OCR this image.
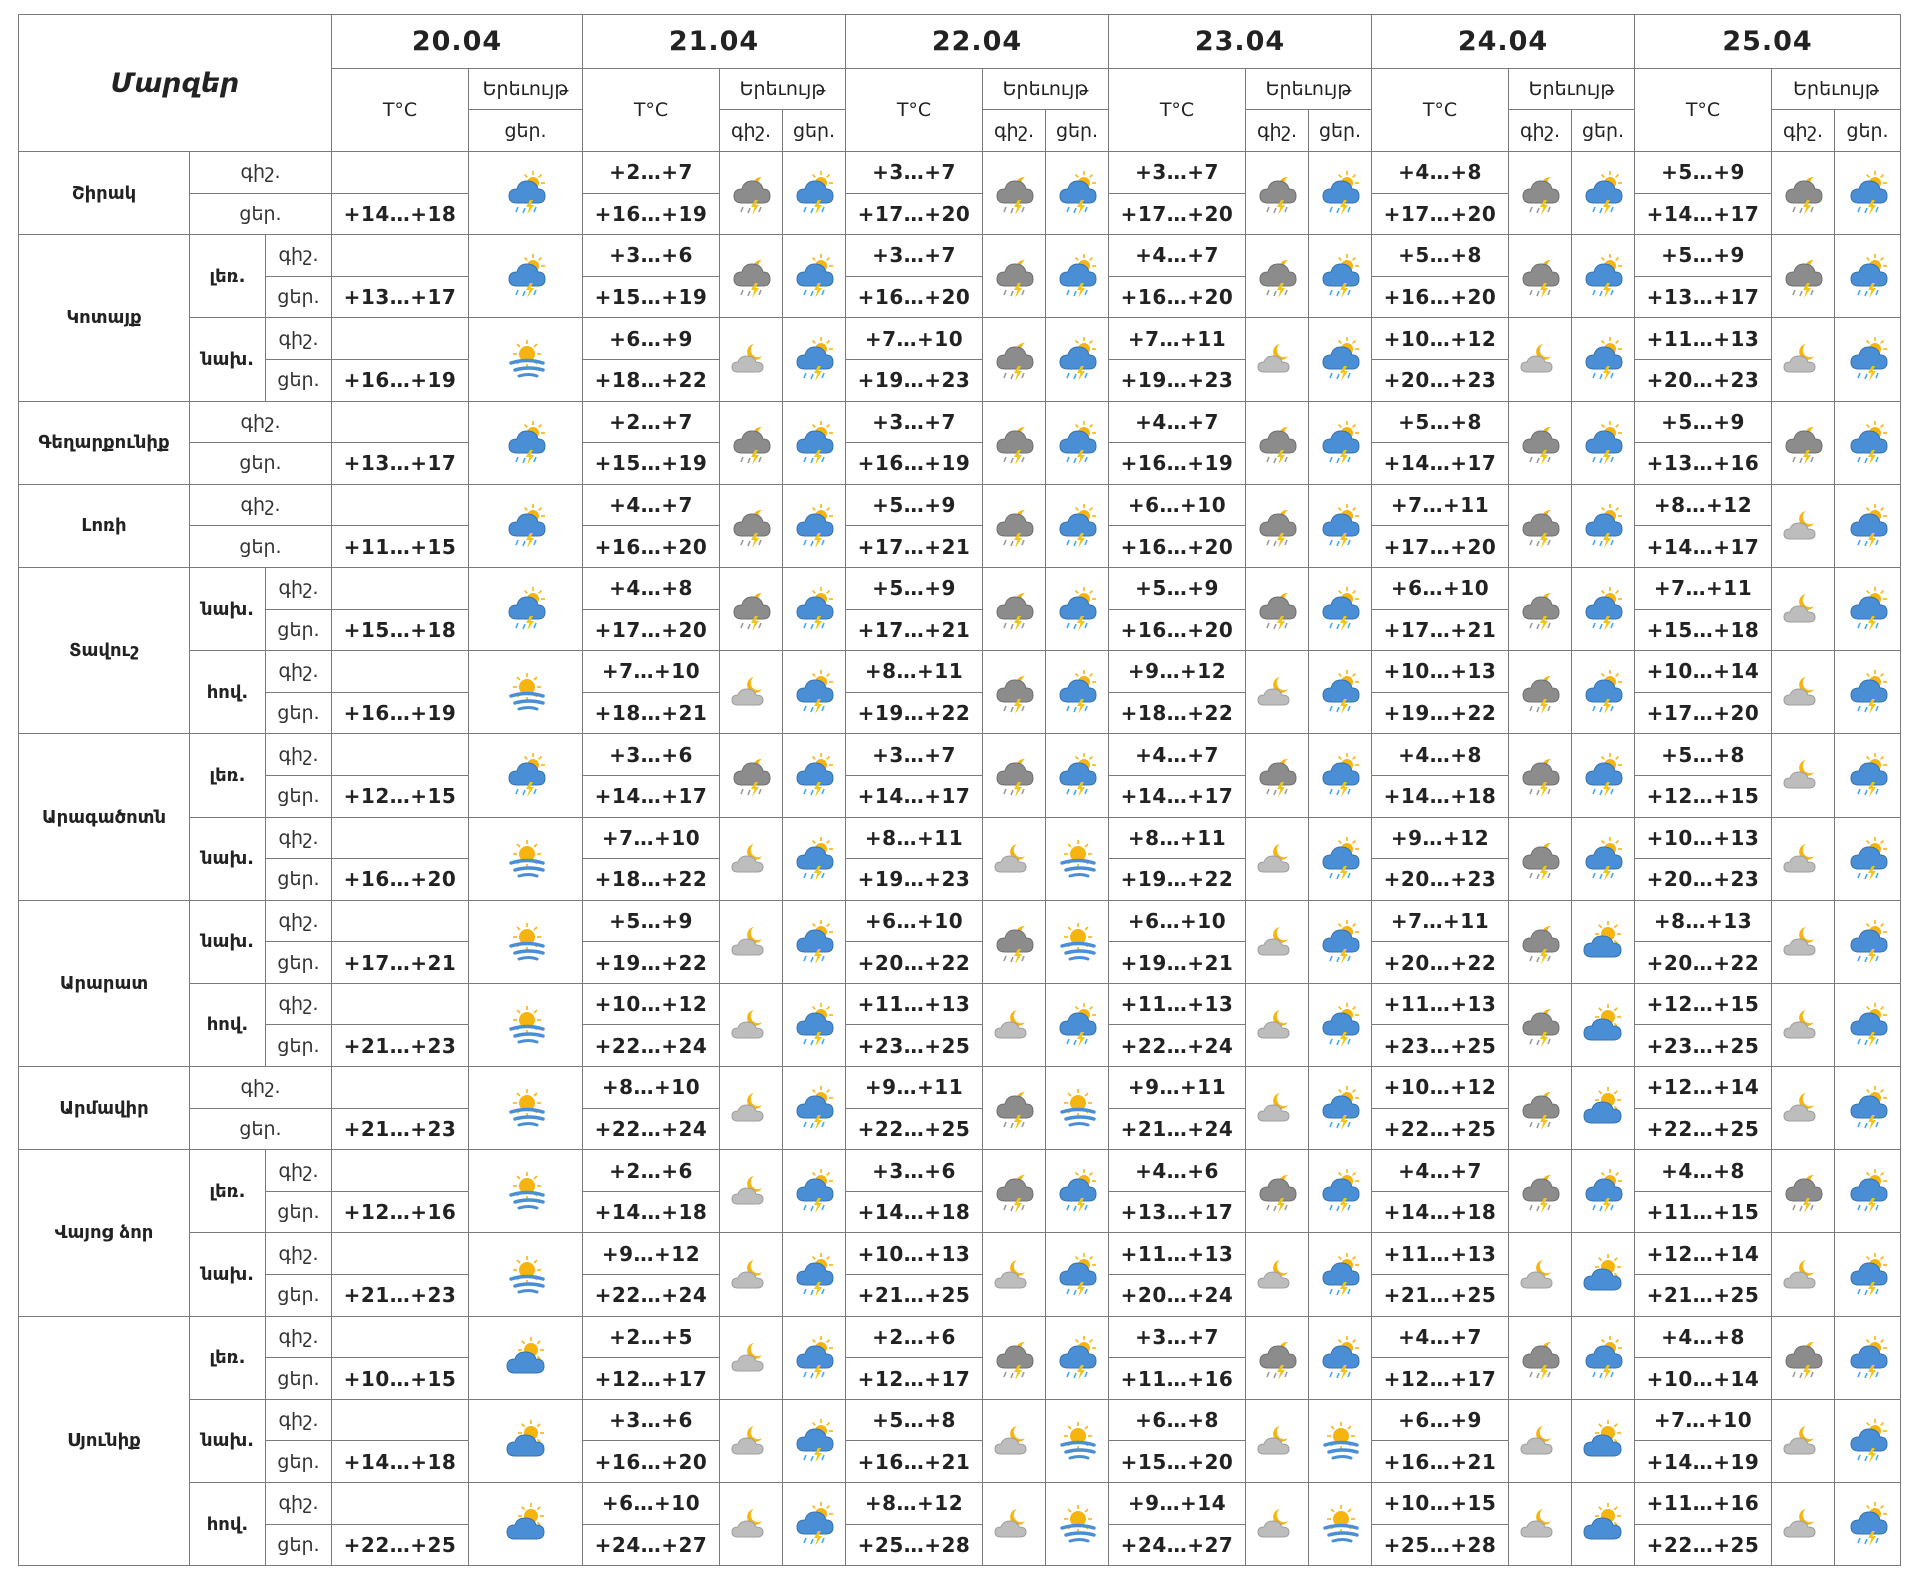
Մարզեր			20.04		21.04			22.04			23.04			24.04			25.04		
			T°C	Երեւույթ	T°C	Երեւույթ		T°C	Երեւույթ		T°C	Երեւույթ		T°C	Երեւույթ		T°C	Երեւույթ	
				ցեր.		գիշ.	ցեր.		գիշ.	ցեր.		գիշ.	ցեր.		գիշ.	ցեր.		գիշ.	ցեր.
Շիրակ	գիշ.				+2…+7			+3…+7			+3…+7			+4…+8			+5…+9	

	ցեր.		+14…+18		+16…+19			+17…+20			+17…+20			+17…+20			+14…+17		
Կոտայք	լեռ.	գիշ.			+3…+6			+3…+7			+4…+7			+5…+8			+5…+9	

		ցեր.	+13…+17		+15…+19			+16…+20			+16…+20			+16…+20			+13…+17		
	նախ.	գիշ.			+6…+9			+7…+10			+7…+11			+10…+12			+11…+13	

		ցեր.	+16…+19		+18…+22			+19…+23			+19…+23			+20…+23			+20…+23		
Գեղարքունիք	գիշ.				+2…+7			+3…+7			+4…+7			+5…+8			+5…+9	

	ցեր.		+13…+17		+15…+19			+16…+19			+16…+19			+14…+17			+13…+16		
Լոռի	գիշ.				+4…+7			+5…+9			+6…+10			+7…+11			+8…+12	

	ցեր.		+11…+15		+16…+20			+17…+21			+16…+20			+17…+20			+14…+17		
Տավուշ	նախ.	գիշ.			+4…+8			+5…+9			+5…+9			+6…+10			+7…+11	

		ցեր.	+15…+18		+17…+20			+17…+21			+16…+20			+17…+21			+15…+18		
	հով.	գիշ.			+7…+10			+8…+11			+9…+12			+10…+13			+10…+14	

		ցեր.	+16…+19		+18…+21			+19…+22			+18…+22			+19…+22			+17…+20		
Արագածոտն	լեռ.	գիշ.			+3…+6			+3…+7			+4…+7			+4…+8			+5…+8	

		ցեր.	+12…+15		+14…+17			+14…+17			+14…+17			+14…+18			+12…+15		
	նախ.	գիշ.			+7…+10			+8…+11			+8…+11			+9…+12			+10…+13	

		ցեր.	+16…+20		+18…+22			+19…+23			+19…+22			+20…+23			+20…+23		
Արարատ	նախ.	գիշ.			+5…+9			+6…+10			+6…+10			+7…+11			+8…+13	

		ցեր.	+17…+21		+19…+22			+20…+22			+19…+21			+20…+22			+20…+22		
	հով.	գիշ.			+10…+12			+11…+13			+11…+13			+11…+13			+12…+15	

		ցեր.	+21…+23		+22…+24			+23…+25			+22…+24			+23…+25			+23…+25		
Արմավիր	գիշ.				+8…+10			+9…+11			+9…+11			+10…+12			+12…+14	

	ցեր.		+21…+23		+22…+24			+22…+25			+21…+24			+22…+25			+22…+25		
Վայոց ձոր	լեռ.	գիշ.			+2…+6			+3…+6			+4…+6			+4…+7			+4…+8	

		ցեր.	+12…+16		+14…+18			+14…+18			+13…+17			+14…+18			+11…+15		
	նախ.	գիշ.			+9…+12			+10…+13			+11…+13			+11…+13			+12…+14	

		ցեր.	+21…+23		+22…+24			+21…+25			+20…+24			+21…+25			+21…+25		
Սյունիք	լեռ.	գիշ.			+2…+5			+2…+6			+3…+7			+4…+7			+4…+8	

		ցեր.	+10…+15		+12…+17			+12…+17			+11…+16			+12…+17			+10…+14		
	նախ.	գիշ.			+3…+6			+5…+8			+6…+8			+6…+9			+7…+10	

		ցեր.	+14…+18		+16…+20			+16…+21			+15…+20			+16…+21			+14…+19		
	հով.	գիշ.			+6…+10			+8…+12			+9…+14			+10…+15			+11…+16	

		ցեր.	+22…+25		+24…+27			+25…+28			+24…+27			+25…+28			+22…+25		
